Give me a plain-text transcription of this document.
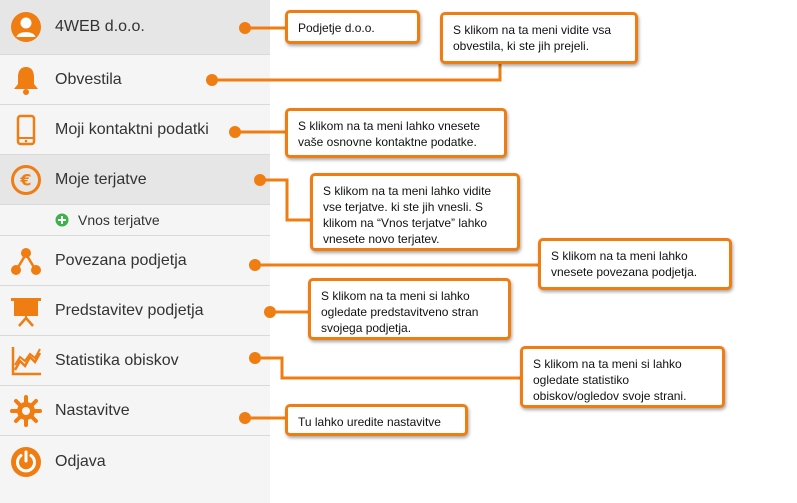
4WEB d.o.o.
Obvestila
Moji kontaktni podatki
€ Moje terjatve
Vnos terjatve
Povezana podjetja
Predstavitev podjetja
Statistika obiskov
Nastavitve
Odjava
Podjetje d.o.o.	S klikom na ta meni vidite vsa obvestila, ki ste jih prejeli.
S klikom na ta meni lahko vnesete vaše osnovne kontaktne podatke.
S klikom na ta meni lahko vidite vse terjatve. ki ste jih vnesli. S klikom na “Vnos terjatve” lahko vnesete novo terjatev.
S klikom na ta meni lahko vnesete povezana podjetja.
S klikom na ta meni si lahko ogledate predstavitveno stran svojega podjetja.
S klikom na ta meni si lahko ogledate statistiko obiskov/ogledov svoje strani.
Tu lahko uredite nastavitve
